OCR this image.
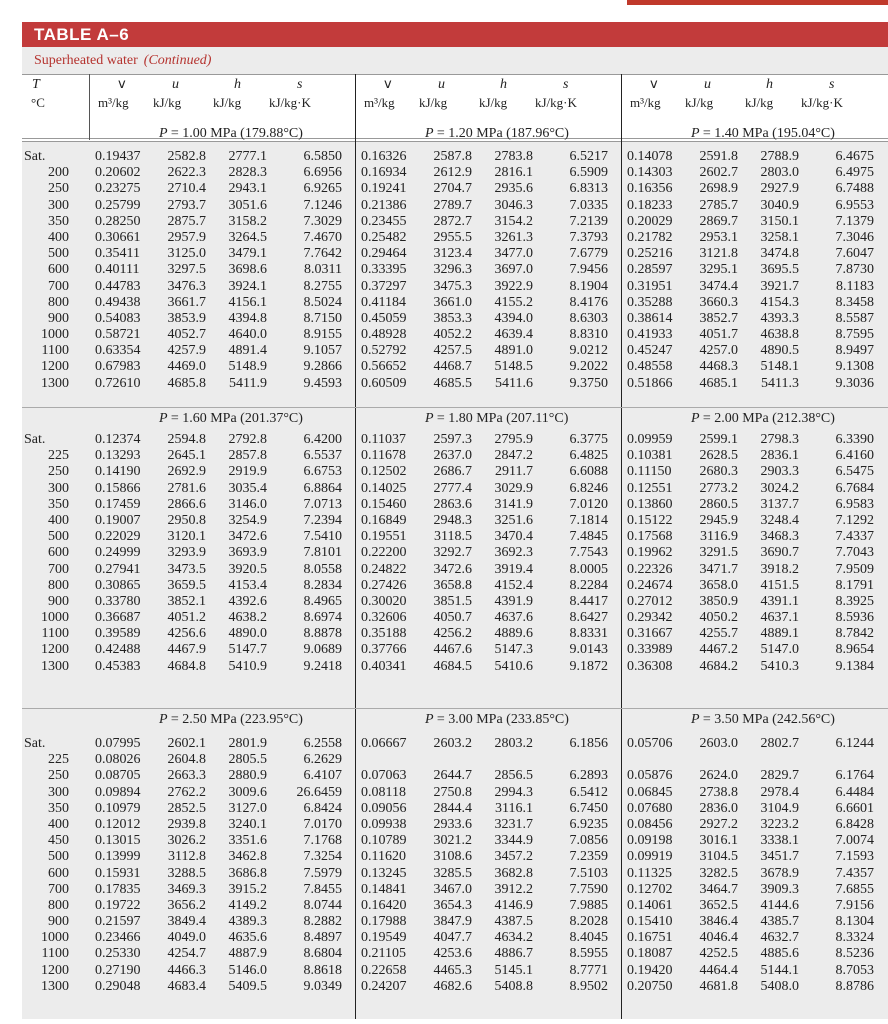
TABLE A–6
Superheated water (Continued)
T
°C
v
m³/kg
u
kJ/kg
h
kJ/kg
s
kJ/kg·K
v
m³/kg
u
kJ/kg
h
kJ/kg
s
kJ/kg·K
v
m³/kg
u
kJ/kg
h
kJ/kg
s
kJ/kg·K
Sat.
200
250
300
350
400
500
600
700
800
900
1000
1100
1200
1300
P = 1.00 MPa (179.88°C)
0.19437
0.20602
0.23275
0.25799
0.28250
0.30661
0.35411
0.40111
0.44783
0.49438
0.54083
0.58721
0.63354
0.67983
0.72610
2582.8
2622.3
2710.4
2793.7
2875.7
2957.9
3125.0
3297.5
3476.3
3661.7
3853.9
4052.7
4257.9
4469.0
4685.8
2777.1
2828.3
2943.1
3051.6
3158.2
3264.5
3479.1
3698.6
3924.1
4156.1
4394.8
4640.0
4891.4
5148.9
5411.9
6.5850
6.6956
6.9265
7.1246
7.3029
7.4670
7.7642
8.0311
8.2755
8.5024
8.7150
8.9155
9.1057
9.2866
9.4593
P = 1.20 MPa (187.96°C)
0.16326
0.16934
0.19241
0.21386
0.23455
0.25482
0.29464
0.33395
0.37297
0.41184
0.45059
0.48928
0.52792
0.56652
0.60509
2587.8
2612.9
2704.7
2789.7
2872.7
2955.5
3123.4
3296.3
3475.3
3661.0
3853.3
4052.2
4257.5
4468.7
4685.5
2783.8
2816.1
2935.6
3046.3
3154.2
3261.3
3477.0
3697.0
3922.9
4155.2
4394.0
4639.4
4891.0
5148.5
5411.6
6.5217
6.5909
6.8313
7.0335
7.2139
7.3793
7.6779
7.9456
8.1904
8.4176
8.6303
8.8310
9.0212
9.2022
9.3750
P = 1.40 MPa (195.04°C)
0.14078
0.14303
0.16356
0.18233
0.20029
0.21782
0.25216
0.28597
0.31951
0.35288
0.38614
0.41933
0.45247
0.48558
0.51866
2591.8
2602.7
2698.9
2785.7
2869.7
2953.1
3121.8
3295.1
3474.4
3660.3
3852.7
4051.7
4257.0
4468.3
4685.1
2788.9
2803.0
2927.9
3040.9
3150.1
3258.1
3474.8
3695.5
3921.7
4154.3
4393.3
4638.8
4890.5
5148.1
5411.3
6.4675
6.4975
6.7488
6.9553
7.1379
7.3046
7.6047
7.8730
8.1183
8.3458
8.5587
8.7595
8.9497
9.1308
9.3036
Sat.
225
250
300
350
400
500
600
700
800
900
1000
1100
1200
1300
P = 1.60 MPa (201.37°C)
0.12374
0.13293
0.14190
0.15866
0.17459
0.19007
0.22029
0.24999
0.27941
0.30865
0.33780
0.36687
0.39589
0.42488
0.45383
2594.8
2645.1
2692.9
2781.6
2866.6
2950.8
3120.1
3293.9
3473.5
3659.5
3852.1
4051.2
4256.6
4467.9
4684.8
2792.8
2857.8
2919.9
3035.4
3146.0
3254.9
3472.6
3693.9
3920.5
4153.4
4392.6
4638.2
4890.0
5147.7
5410.9
6.4200
6.5537
6.6753
6.8864
7.0713
7.2394
7.5410
7.8101
8.0558
8.2834
8.4965
8.6974
8.8878
9.0689
9.2418
P = 1.80 MPa (207.11°C)
0.11037
0.11678
0.12502
0.14025
0.15460
0.16849
0.19551
0.22200
0.24822
0.27426
0.30020
0.32606
0.35188
0.37766
0.40341
2597.3
2637.0
2686.7
2777.4
2863.6
2948.3
3118.5
3292.7
3472.6
3658.8
3851.5
4050.7
4256.2
4467.6
4684.5
2795.9
2847.2
2911.7
3029.9
3141.9
3251.6
3470.4
3692.3
3919.4
4152.4
4391.9
4637.6
4889.6
5147.3
5410.6
6.3775
6.4825
6.6088
6.8246
7.0120
7.1814
7.4845
7.7543
8.0005
8.2284
8.4417
8.6427
8.8331
9.0143
9.1872
P = 2.00 MPa (212.38°C)
0.09959
0.10381
0.11150
0.12551
0.13860
0.15122
0.17568
0.19962
0.22326
0.24674
0.27012
0.29342
0.31667
0.33989
0.36308
2599.1
2628.5
2680.3
2773.2
2860.5
2945.9
3116.9
3291.5
3471.7
3658.0
3850.9
4050.2
4255.7
4467.2
4684.2
2798.3
2836.1
2903.3
3024.2
3137.7
3248.4
3468.3
3690.7
3918.2
4151.5
4391.1
4637.1
4889.1
5147.0
5410.3
6.3390
6.4160
6.5475
6.7684
6.9583
7.1292
7.4337
7.7043
7.9509
8.1791
8.3925
8.5936
8.7842
8.9654
9.1384
Sat.
225
250
300
350
400
450
500
600
700
800
900
1000
1100
1200
1300
P = 2.50 MPa (223.95°C)
0.07995
0.08026
0.08705
0.09894
0.10979
0.12012
0.13015
0.13999
0.15931
0.17835
0.19722
0.21597
0.23466
0.25330
0.27190
0.29048
2602.1
2604.8
2663.3
2762.2
2852.5
2939.8
3026.2
3112.8
3288.5
3469.3
3656.2
3849.4
4049.0
4254.7
4466.3
4683.4
2801.9
2805.5
2880.9
3009.6
3127.0
3240.1
3351.6
3462.8
3686.8
3915.2
4149.2
4389.3
4635.6
4887.9
5146.0
5409.5
6.2558
6.2629
6.4107
26.6459
6.8424
7.0170
7.1768
7.3254
7.5979
7.8455
8.0744
8.2882
8.4897
8.6804
8.8618
9.0349
P = 3.00 MPa (233.85°C)
0.06667
0.07063
0.08118
0.09056
0.09938
0.10789
0.11620
0.13245
0.14841
0.16420
0.17988
0.19549
0.21105
0.22658
0.24207
2603.2
2644.7
2750.8
2844.4
2933.6
3021.2
3108.6
3285.5
3467.0
3654.3
3847.9
4047.7
4253.6
4465.3
4682.6
2803.2
2856.5
2994.3
3116.1
3231.7
3344.9
3457.2
3682.8
3912.2
4146.9
4387.5
4634.2
4886.7
5145.1
5408.8
6.1856
6.2893
6.5412
6.7450
6.9235
7.0856
7.2359
7.5103
7.7590
7.9885
8.2028
8.4045
8.5955
8.7771
8.9502
P = 3.50 MPa (242.56°C)
0.05706
0.05876
0.06845
0.07680
0.08456
0.09198
0.09919
0.11325
0.12702
0.14061
0.15410
0.16751
0.18087
0.19420
0.20750
2603.0
2624.0
2738.8
2836.0
2927.2
3016.1
3104.5
3282.5
3464.7
3652.5
3846.4
4046.4
4252.5
4464.4
4681.8
2802.7
2829.7
2978.4
3104.9
3223.2
3338.1
3451.7
3678.9
3909.3
4144.6
4385.7
4632.7
4885.6
5144.1
5408.0
6.1244
6.1764
6.4484
6.6601
6.8428
7.0074
7.1593
7.4357
7.6855
7.9156
8.1304
8.3324
8.5236
8.7053
8.8786
